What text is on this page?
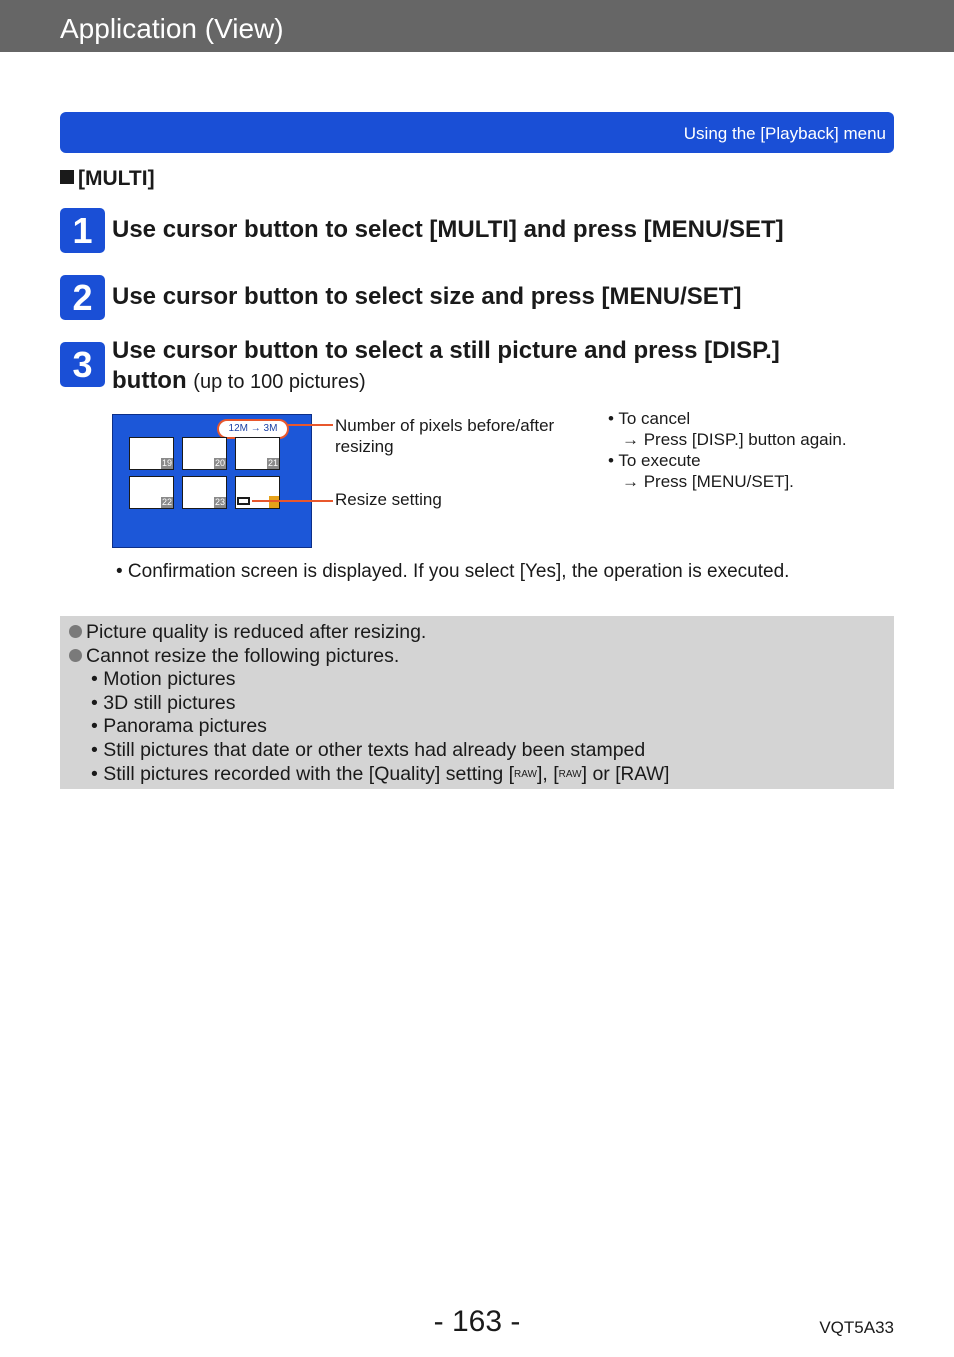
Application (View)
Using the [Playback] menu
[MULTI]
1 Use cursor button to select [MULTI] and press [MENU/SET]
2 Use cursor button to select size and press [MENU/SET]
3 Use cursor button to select a still picture and press [DISP.]
button (up to 100 pictures)
12M → 3M
19	20	21
22	23
Number of pixels before/after
resizing
Resize setting
• To cancel
→ Press [DISP.] button again.
• To execute
→ Press [MENU/SET].
• Confirmation screen is displayed. If you select [Yes], the operation is executed.
Picture quality is reduced after resizing.
Cannot resize the following pictures.
• Motion pictures
• 3D still pictures
• Panorama pictures
• Still pictures that date or other texts had already been stamped
• Still pictures recorded with the [Quality] setting [RAW], [RAW] or [RAW]
- 163 -	VQT5A33
